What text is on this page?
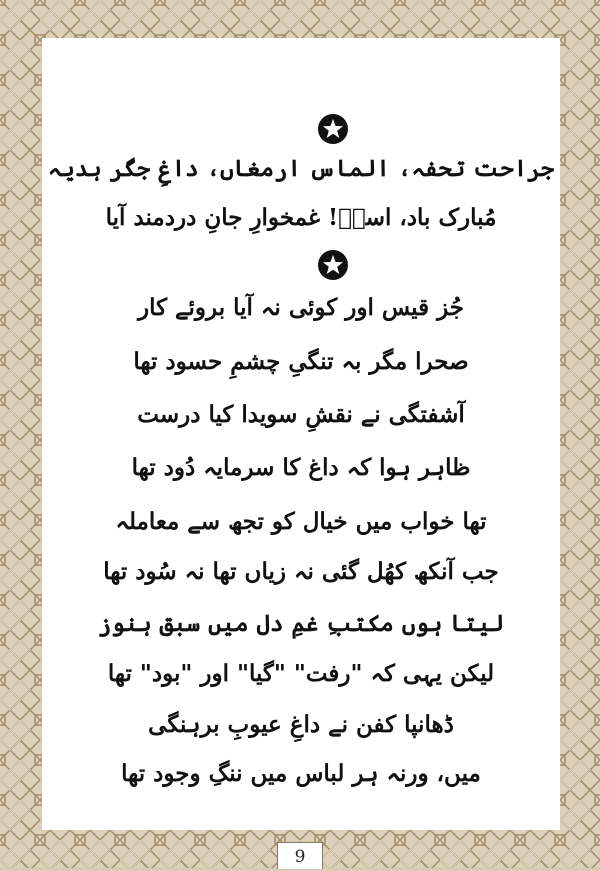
جراحت تحفہ، الماس ارمغاں، داغِ جگر ہدیہ
مُبارک باد، اسدؔ! غمخوارِ جانِ دردمند آیا
جُز قیس اور کوئی نہ آیا بروئے کار
صحرا مگر بہ تنگیِ چشمِ حسود تھا
آشفتگی نے نقشِ سویدا کیا درست
ظاہر ہوا کہ داغ کا سرمایہ دُود تھا
تھا خواب میں خیال کو تجھ سے معاملہ
جب آنکھ کھُل گئی نہ زیاں تھا نہ سُود تھا
لیتا ہوں مکتبِ غمِ دل میں سبق ہنوز
لیکن یہی کہ "رفت" "گیا" اور "بود" تھا
ڈھانپا کفن نے داغِ عیوبِ برہنگی
میں، ورنہ ہر لباس میں ننگِ وجود تھا
9
